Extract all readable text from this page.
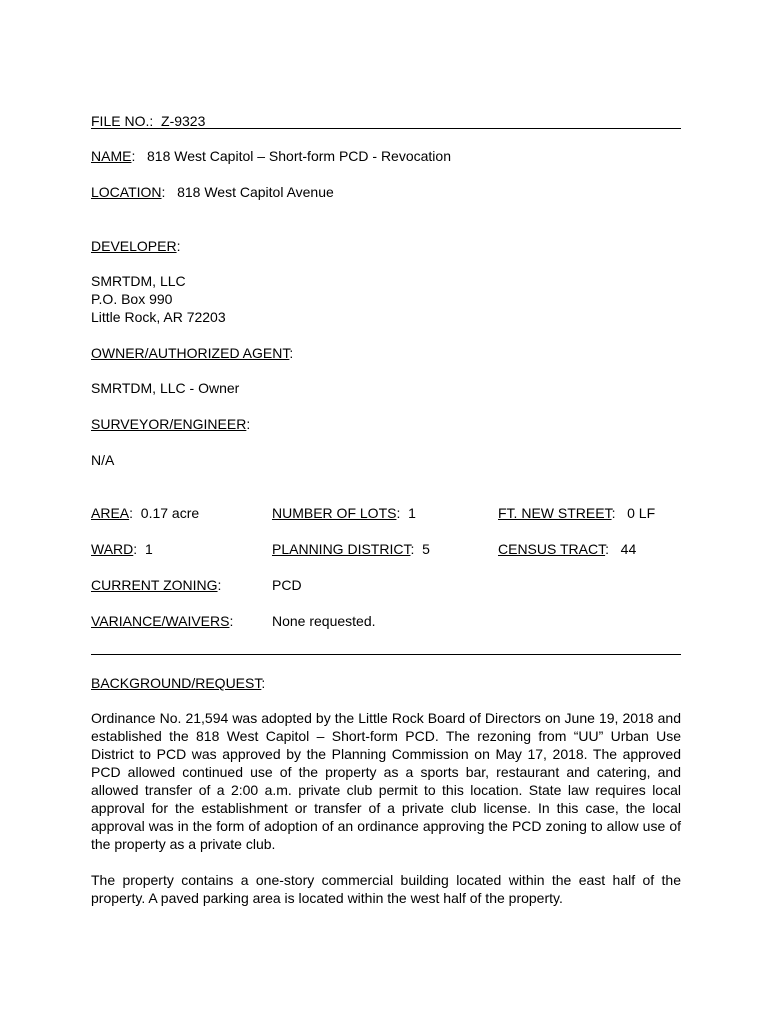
FILE NO.: Z-9323
NAME:   818 West Capitol – Short-form PCD - Revocation
LOCATION:   818 West Capitol Avenue
DEVELOPER:
SMRTDM, LLC
P.O. Box 990
Little Rock, AR 72203
OWNER/AUTHORIZED AGENT:
SMRTDM, LLC - Owner
SURVEYOR/ENGINEER:
N/A
AREA:  0.17 acre	NUMBER OF LOTS:  1	FT. NEW STREET:   0 LF
WARD:  1	PLANNING DISTRICT:  5	CENSUS TRACT:   44
CURRENT ZONING:	PCD
VARIANCE/WAIVERS:	None requested.
BACKGROUND/REQUEST:

Ordinance No. 21,594 was adopted by the Little Rock Board of Directors on June 19, 2018 and established the 818 West Capitol – Short-form PCD. The rezoning from “UU” Urban Use District to PCD was approved by the Planning Commission on May 17, 2018. The approved PCD allowed continued use of the property as a sports bar, restaurant and catering, and allowed transfer of a 2:00 a.m. private club permit to this location. State law requires local approval for the establishment or transfer of a private club license. In this case, the local approval was in the form of adoption of an ordinance approving the PCD zoning to allow use of the property as a private club.

The property contains a one-story commercial building located within the east half of the property. A paved parking area is located within the west half of the property.
